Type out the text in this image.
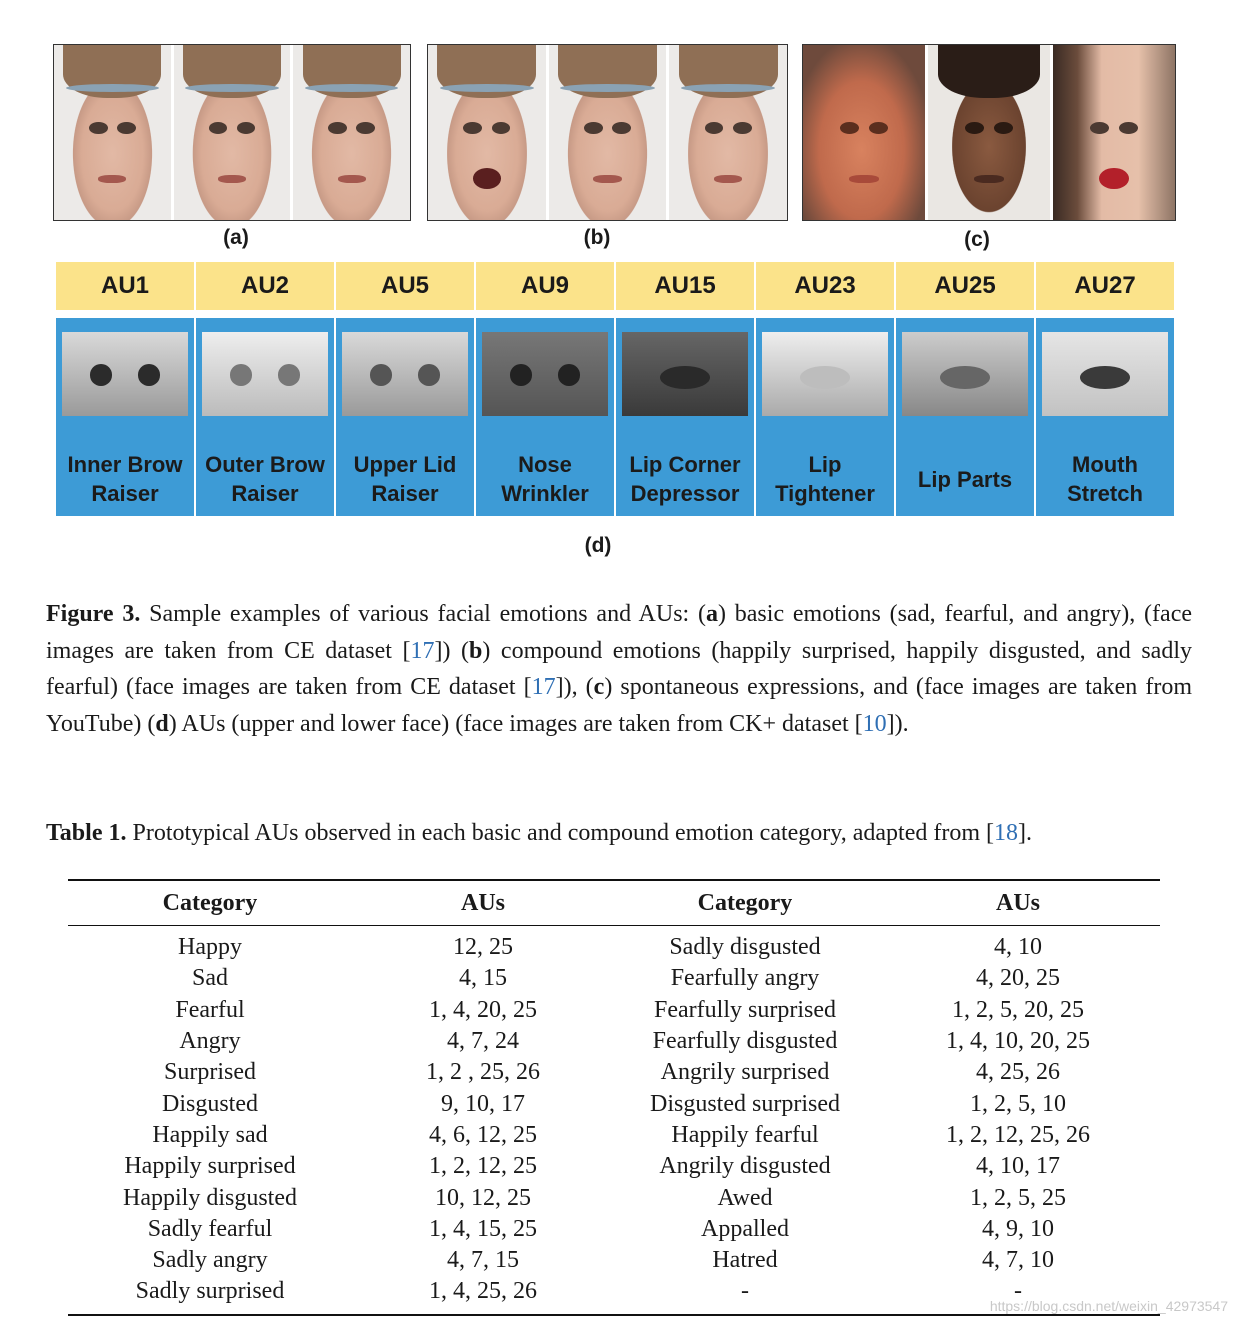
(a)	(b)	(c)
AU1	AU2	AU5	AU9	AU15	AU23	AU25	AU27
Inner Brow
Raiser
Outer Brow
Raiser
Upper Lid
Raiser
Nose
Wrinkler
Lip Corner
Depressor
Lip
Tightener
Lip Parts
Mouth
Stretch
(d)
Figure 3. Sample examples of various facial emotions and AUs: (a) basic emotions (sad, fearful, and angry), (face images are taken from CE dataset [17]) (b) compound emotions (happily surprised, happily disgusted, and sadly fearful) (face images are taken from CE dataset [17]), (c) spontaneous expressions, and (face images are taken from YouTube) (d) AUs (upper and lower face) (face images are taken from CK+ dataset [10]).
Table 1. Prototypical AUs observed in each basic and compound emotion category, adapted from [18].
Category	AUs	Category	AUs

Happy	12, 25	Sadly disgusted	4, 10
Sad	4, 15	Fearfully angry	4, 20, 25
Fearful	1, 4, 20, 25	Fearfully surprised	1, 2, 5, 20, 25
Angry	4, 7, 24	Fearfully disgusted	1, 4, 10, 20, 25
Surprised	1, 2 , 25, 26	Angrily surprised	4, 25, 26
Disgusted	9, 10, 17	Disgusted surprised	1, 2, 5, 10
Happily sad	4, 6, 12, 25	Happily fearful	1, 2, 12, 25, 26
Happily surprised	1, 2, 12, 25	Angrily disgusted	4, 10, 17
Happily disgusted	10, 12, 25	Awed	1, 2, 5, 25
Sadly fearful	1, 4, 15, 25	Appalled	4, 9, 10
Sadly angry	4, 7, 15	Hatred	4, 7, 10
Sadly surprised	1, 4, 25, 26	-	-
https://blog.csdn.net/weixin_42973547
